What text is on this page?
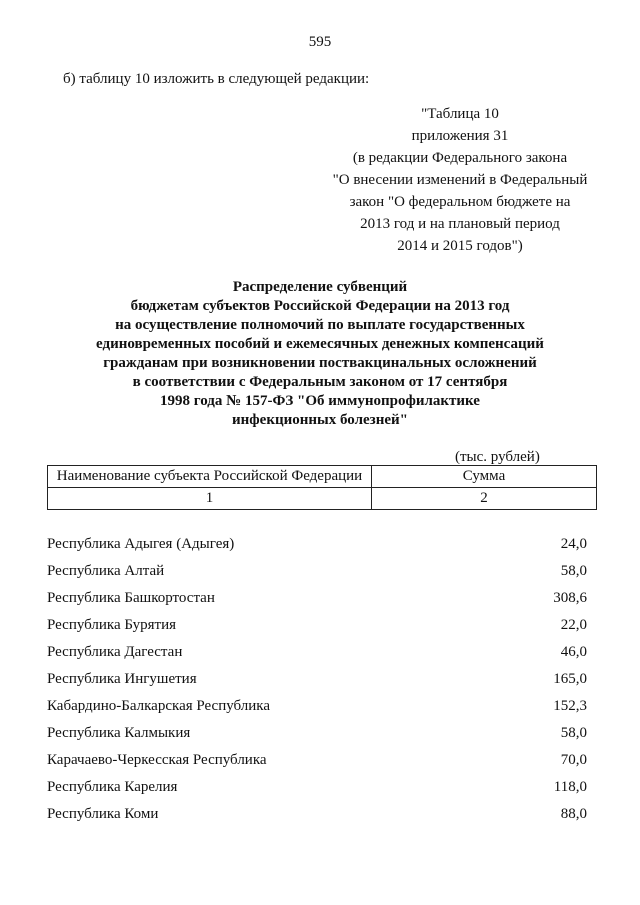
595
б) таблицу 10 изложить в следующей редакции:
"Таблица 10
приложения 31
(в редакции Федерального закона
"О внесении изменений в Федеральный
закон "О федеральном бюджете на
2013 год и на плановый период
2014 и 2015 годов")
Распределение субвенций
бюджетам субъектов Российской Федерации на 2013 год
на осуществление полномочий по выплате государственных
единовременных пособий и ежемесячных денежных компенсаций
гражданам при возникновении поствакцинальных осложнений
в соответствии с Федеральным законом от 17 сентября
1998 года № 157-ФЗ "Об иммунопрофилактике
инфекционных болезней"
(тыс. рублей)
Наименование субъекта Российской Федерации	Сумма
1	2
Республика Адыгея (Адыгея)	24,0
Республика Алтай	58,0
Республика Башкортостан	308,6
Республика Бурятия	22,0
Республика Дагестан	46,0
Республика Ингушетия	165,0
Кабардино-Балкарская Республика	152,3
Республика Калмыкия	58,0
Карачаево-Черкесская Республика	70,0
Республика Карелия	118,0
Республика Коми	88,0
